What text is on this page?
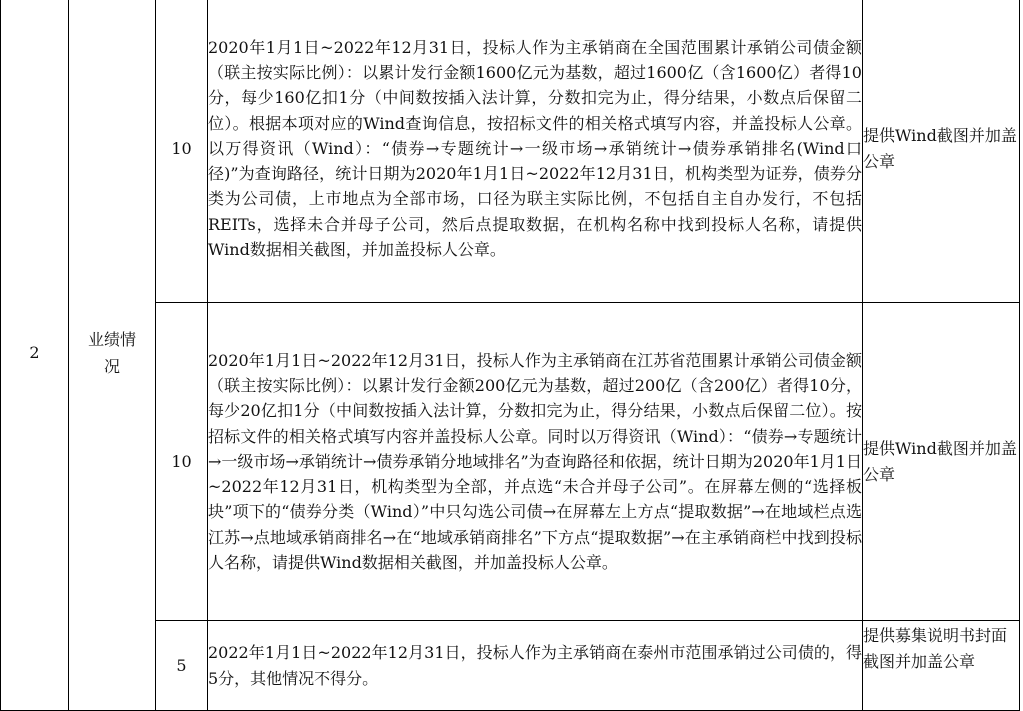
2	业绩情况	10	2020年1月1日~2022年12月31日，投标人作为主承销商在全国范围累计承销公司债金额（联主按实际比例）：以累计发行金额1600亿元为基数，超过1600亿（含1600亿）者得10分，每少160亿扣1分（中间数按插入法计算，分数扣完为止，得分结果，小数点后保留二位）。根据本项对应的Wind查询信息，按招标文件的相关格式填写内容，并盖投标人公章。以万得资讯（Wind）：“债券→专题统计→一级市场→承销统计→债券承销排名(Wind口径)”为查询路径，统计日期为2020年1月1日~2022年12月31日，机构类型为证券，债券分类为公司债，上市地点为全部市场，口径为联主实际比例，不包括自主自办发行，不包括REITs，选择未合并母子公司，然后点提取数据，在机构名称中找到投标人名称，请提供Wind数据相关截图，并加盖投标人公章。	提供Wind截图并加盖公章
		10	2020年1月1日~2022年12月31日，投标人作为主承销商在江苏省范围累计承销公司债金额（联主按实际比例）：以累计发行金额200亿元为基数，超过200亿（含200亿）者得10分，每少20亿扣1分（中间数按插入法计算，分数扣完为止，得分结果，小数点后保留二位）。按招标文件的相关格式填写内容并盖投标人公章。同时以万得资讯（Wind）：“债券→专题统计→一级市场→承销统计→债券承销分地域排名”为查询路径和依据，统计日期为2020年1月1日~2022年12月31日，机构类型为全部，并点选“未合并母子公司”。在屏幕左侧的“选择板块”项下的“债券分类（Wind）”中只勾选公司债→在屏幕左上方点“提取数据”→在地域栏点选江苏→点地域承销商排名→在“地域承销商排名”下方点“提取数据”→在主承销商栏中找到投标人名称，请提供Wind数据相关截图，并加盖投标人公章。	提供Wind截图并加盖公章
		5	2022年1月1日~2022年12月31日，投标人作为主承销商在泰州市范围承销过公司债的，得5分，其他情况不得分。	提供募集说明书封面截图并加盖公章
